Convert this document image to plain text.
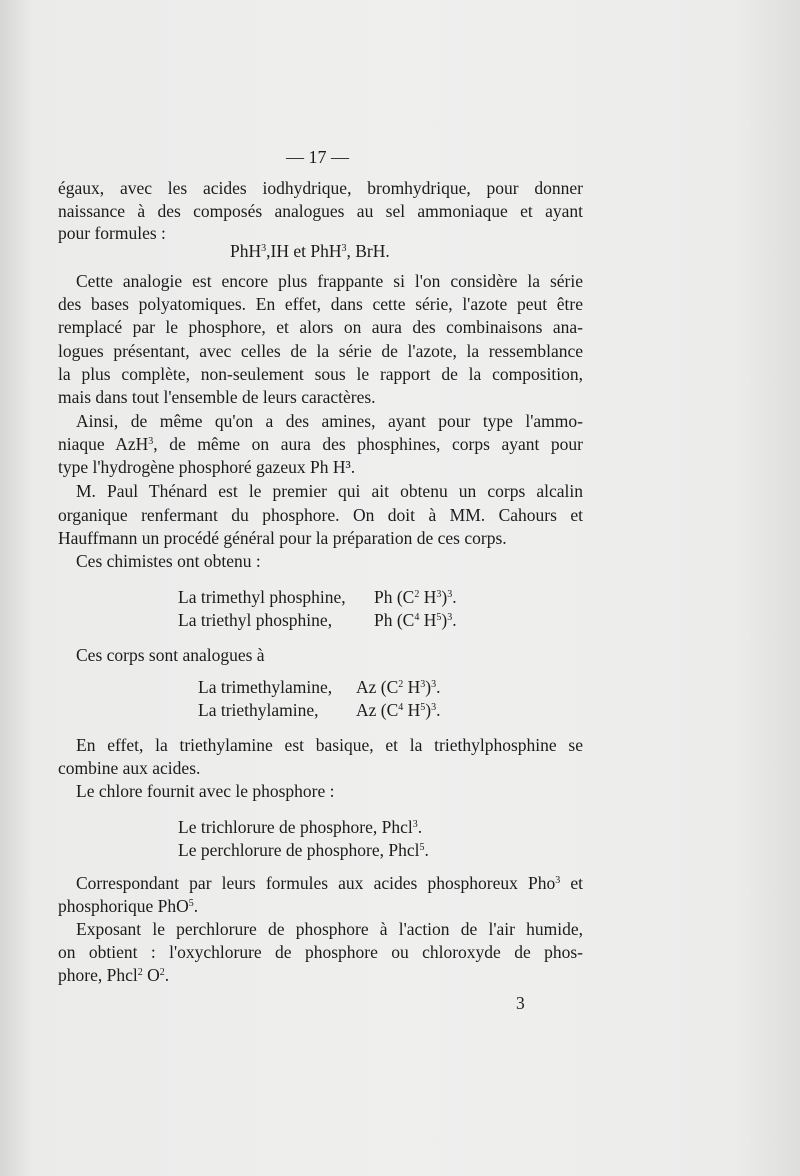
— 17 —
égaux, avec les acides iodhydrique, bromhydrique, pour donner
naissance à des composés analogues au sel ammoniaque et ayant
pour formules :
PhH$^3$,IH et PhH$^3$, BrH.
Cette analogie est encore plus frappante si l'on considère la série
des bases polyatomiques. En effet, dans cette série, l'azote peut être
remplacé par le phosphore, et alors on aura des combinaisons ana-
logues présentant, avec celles de la série de l'azote, la ressemblance
la plus complète, non-seulement sous le rapport de la composition,
mais dans tout l'ensemble de leurs caractères.
Ainsi, de même qu'on a des amines, ayant pour type l'ammo-
niaque AzH$^3$, de même on aura des phosphines, corps ayant pour
type l'hydrogène phosphoré gazeux Ph H³.
M. Paul Thénard est le premier qui ait obtenu un corps alcalin
organique renfermant du phosphore. On doit à MM. Cahours et
Hauffmann un procédé général pour la préparation de ces corps.
Ces chimistes ont obtenu :
La trimethyl phosphine, Ph ($C^2$ $H^3)^3$.
La triethyl phosphine, Ph ($C^4$ $H^5)^3$.
Ces corps sont analogues à
La trimethylamine, Az ($C^2$ $H^3)^3$.
La triethylamine, Az ($C^4$ $H^5)^3$.
En effet, la triethylamine est basique, et la triethylphosphine se
combine aux acides.
Le chlore fournit avec le phosphore :
Le trichlorure de phosphore, Phcl$^3$.
Le perchlorure de phosphore, Phcl$^5$.
Correspondant par leurs formules aux acides phosphoreux Pho$^3$ et
phosphorique PhO$^5$.
Exposant le perchlorure de phosphore à l'action de l'air humide,
on obtient : l'oxychlorure de phosphore ou chloroxyde de phos-
phore, Phcl$^2$ $O^2$.
3
